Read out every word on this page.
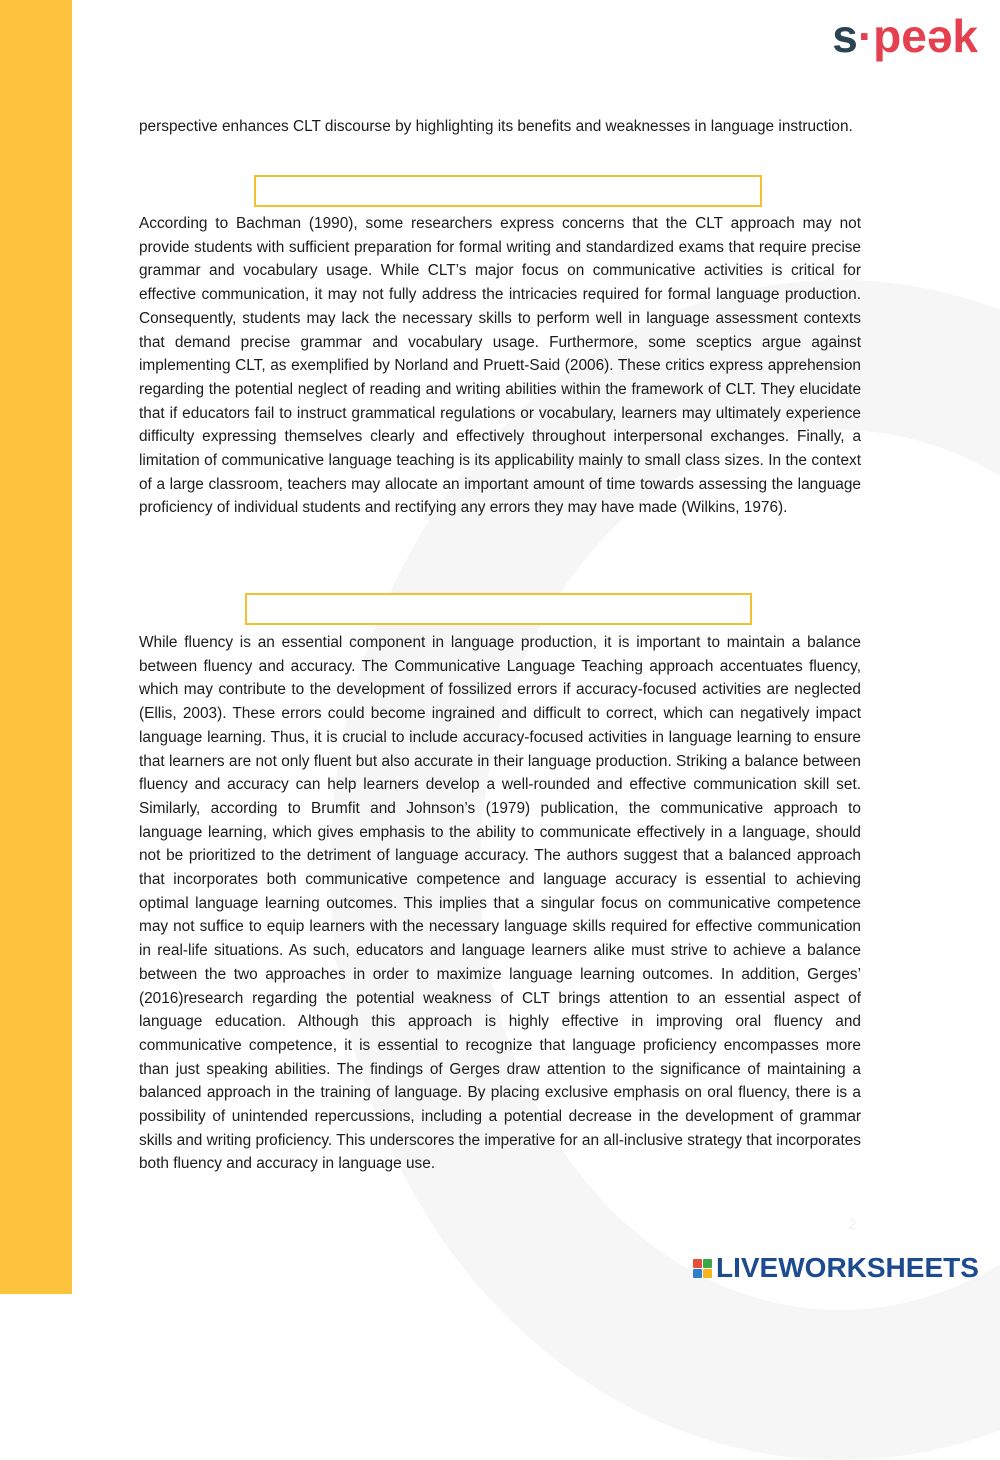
s·peək

perspective enhances CLT discourse by highlighting its benefits and weaknesses in language instruction.

According to Bachman (1990), some researchers express concerns that the CLT approach may not provide students with sufficient preparation for formal writing and standardized exams that require precise grammar and vocabulary usage. While CLT’s major focus on communicative activities is critical for effective communication, it may not fully address the intricacies required for formal language production. Consequently, students may lack the necessary skills to perform well in language assessment contexts that demand precise grammar and vocabulary usage. Furthermore, some sceptics argue against implementing CLT, as exemplified by Norland and Pruett-Said (2006). These critics express apprehension regarding the potential neglect of reading and writing abilities within the framework of CLT. They elucidate that if educators fail to instruct grammatical regulations or vocabulary, learners may ultimately experience difficulty expressing themselves clearly and effectively throughout interpersonal exchanges. Finally, a limitation of communicative language teaching is its applicability mainly to small class sizes. In the context of a large classroom, teachers may allocate an important amount of time towards assessing the language proficiency of individual students and rectifying any errors they may have made (Wilkins, 1976).

While fluency is an essential component in language production, it is important to maintain a balance between fluency and accuracy. The Communicative Language Teaching approach accentuates fluency, which may contribute to the development of fossilized errors if accuracy-focused activities are neglected (Ellis, 2003). These errors could become ingrained and difficult to correct, which can negatively impact language learning. Thus, it is crucial to include accuracy-focused activities in language learning to ensure that learners are not only fluent but also accurate in their language production. Striking a balance between fluency and accuracy can help learners develop a well-rounded and effective communication skill set. Similarly, according to Brumfit and Johnson’s (1979) publication, the communicative approach to language learning, which gives emphasis to the ability to communicate effectively in a language, should not be prioritized to the detriment of language accuracy. The authors suggest that a balanced approach that incorporates both communicative competence and language accuracy is essential to achieving optimal language learning outcomes. This implies that a singular focus on communicative competence may not suffice to equip learners with the necessary language skills required for effective communication in real-life situations. As such, educators and language learners alike must strive to achieve a balance between the two approaches in order to maximize language learning outcomes. In addition, Gerges’ (2016)research regarding the potential weakness of CLT brings attention to an essential aspect of language education. Although this approach is highly effective in improving oral fluency and communicative competence, it is essential to recognize that language proficiency encompasses more than just speaking abilities. The findings of Gerges draw attention to the significance of maintaining a balanced approach in the training of language. By placing exclusive emphasis on oral fluency, there is a possibility of unintended repercussions, including a potential decrease in the development of grammar skills and writing proficiency. This underscores the imperative for an all-inclusive strategy that incorporates both fluency and accuracy in language use.

2
LIVEWORKSHEETS
